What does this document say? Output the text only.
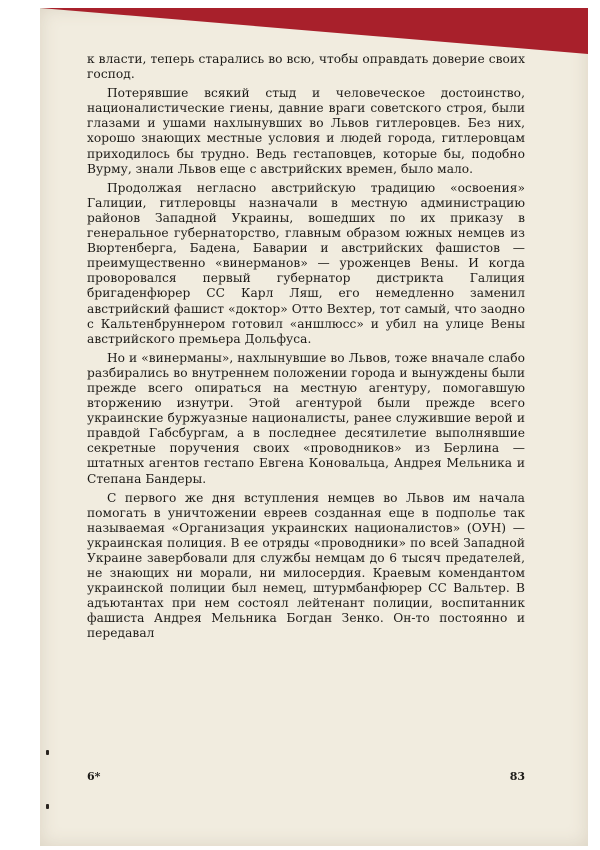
к власти, теперь старались во всю, чтобы оправдать доверие своих господ.

Потерявшие всякий стыд и человеческое достоинство, националистические гиены, давние враги советского строя, были глазами и ушами нахлынувших во Львов гитлеровцев. Без них, хорошо знающих местные условия и людей города, гитлеровцам приходилось бы трудно. Ведь гестаповцев, которые бы, подобно Вурму, знали Львов еще с австрийских времен, было мало.

Продолжая негласно австрийскую традицию «освоения» Галиции, гитлеровцы назначали в местную администрацию районов Западной Украины, вошедших по их приказу в генеральное губернаторство, главным образом южных немцев из Вюртенберга, Бадена, Баварии и австрийских фашистов — преимущественно «винерманов» — уроженцев Вены. И когда проворовался первый губернатор дистрикта Галиция бригаденфюрер СС Карл Ляш, его немедленно заменил австрийский фашист «доктор» Отто Вехтер, тот самый, что заодно с Кальтенбруннером готовил «аншлюсс» и убил на улице Вены австрийского премьера Дольфуса.

Но и «винерманы», нахлынувшие во Львов, тоже вначале слабо разбирались во внутреннем положении города и вынуждены были прежде всего опираться на местную агентуру, помогавшую вторжению изнутри. Этой агентурой были прежде всего украинские буржуазные националисты, ранее служившие верой и правдой Габсбургам, а в последнее десятилетие выполнявшие секретные поручения своих «проводников» из Берлина — штатных агентов гестапо Евгена Коновальца, Андрея Мельника и Степана Бандеры.

С первого же дня вступления немцев во Львов им начала помогать в уничтожении евреев созданная еще в подполье так называемая «Организация украинских националистов» (ОУН) — украинская полиция. В ее отряды «проводники» по всей Западной Украине завербовали для службы немцам до 6 тысяч предателей, не знающих ни морали, ни милосердия. Краевым комендантом украинской полиции был немец, штурмбанфюрер СС Вальтер. В адъютантах при нем состоял лейтенант полиции, воспитанник фашиста Андрея Мельника Богдан Зенко. Он-то постоянно и передавал

6*	83
